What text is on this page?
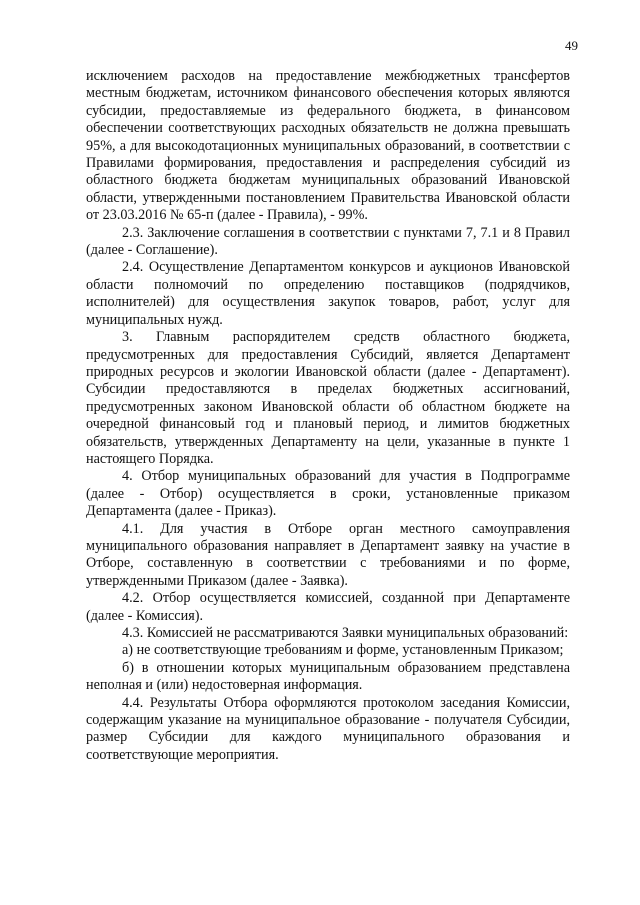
49

исключением расходов на предоставление межбюджетных трансфертов местным бюджетам, источником финансового обеспечения которых являются субсидии, предоставляемые из федерального бюджета, в финансовом обеспечении соответствующих расходных обязательств не должна превышать 95%, а для высокодотационных муниципальных образований, в соответствии с Правилами формирования, предоставления и распределения субсидий из областного бюджета бюджетам муниципальных образований Ивановской области, утвержденными постановлением Правительства Ивановской области от 23.03.2016 № 65-п (далее - Правила), - 99%.

2.3. Заключение соглашения в соответствии с пунктами 7, 7.1 и 8 Правил (далее - Соглашение).

2.4. Осуществление Департаментом конкурсов и аукционов Ивановской области полномочий по определению поставщиков (подрядчиков, исполнителей) для осуществления закупок товаров, работ, услуг для муниципальных нужд.

3. Главным распорядителем средств областного бюджета, предусмотренных для предоставления Субсидий, является Департамент природных ресурсов и экологии Ивановской области (далее - Департамент). Субсидии предоставляются в пределах бюджетных ассигнований, предусмотренных законом Ивановской области об областном бюджете на очередной финансовый год и плановый период, и лимитов бюджетных обязательств, утвержденных Департаменту на цели, указанные в пункте 1 настоящего Порядка.

4. Отбор муниципальных образований для участия в Подпрограмме (далее - Отбор) осуществляется в сроки, установленные приказом Департамента (далее - Приказ).

4.1. Для участия в Отборе орган местного самоуправления муниципального образования направляет в Департамент заявку на участие в Отборе, составленную в соответствии с требованиями и по форме, утвержденными Приказом (далее - Заявка).

4.2. Отбор осуществляется комиссией, созданной при Департаменте (далее - Комиссия).

4.3. Комиссией не рассматриваются Заявки муниципальных образований:

а) не соответствующие требованиям и форме, установленным Приказом;

б) в отношении которых муниципальным образованием представлена неполная и (или) недостоверная информация.

4.4. Результаты Отбора оформляются протоколом заседания Комиссии, содержащим указание на муниципальное образование - получателя Субсидии, размер Субсидии для каждого муниципального образования и соответствующие мероприятия.
